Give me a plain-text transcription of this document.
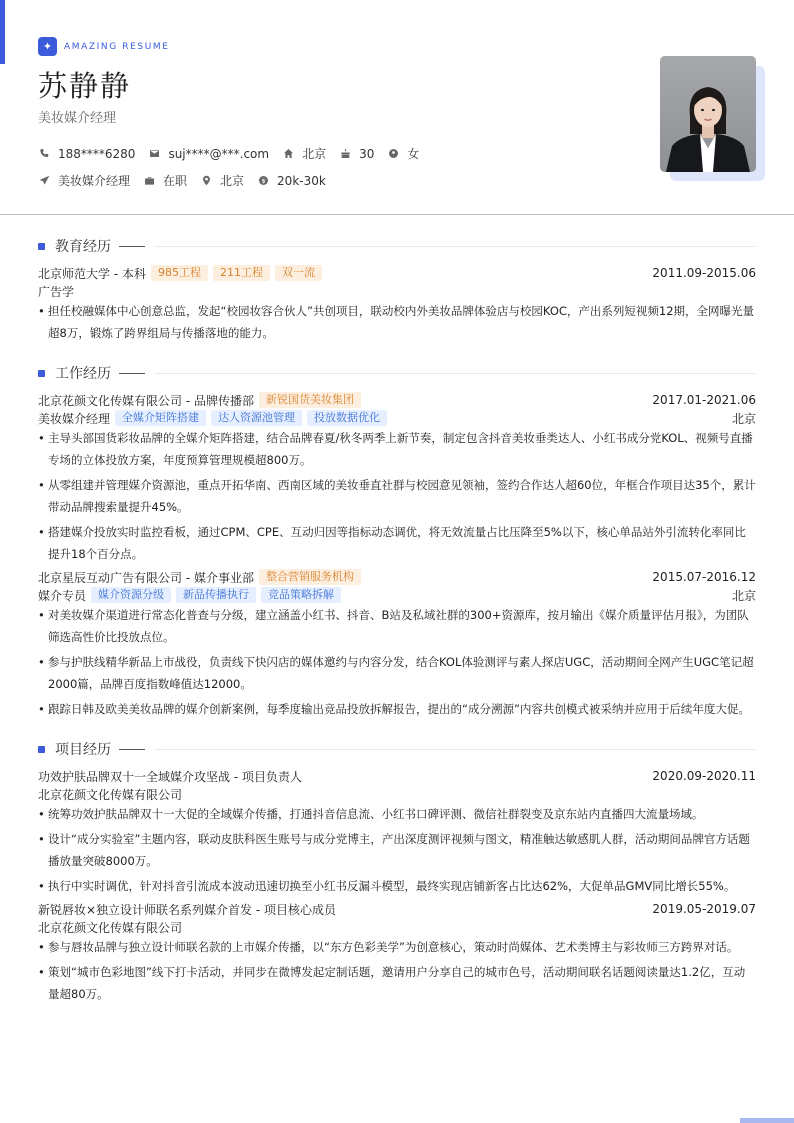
✦	AMAZING RESUME
苏静静
美妆媒介经理
188****6280	suj****@***.com	北京	30	女
美妆媒介经理	在职	北京	20k-30k
教育经历
北京师范大学 - 本科	985工程	211工程	双一流	2011.09-2015.06
广告学
• 担任校融媒体中心创意总监，发起“校园妆容合伙人”共创项目，联动校内外美妆品牌体验店与校园KOC，产出系列短视频12期，全网曝光量超8万，锻炼了跨界组局与传播落地的能力。
工作经历
北京花颜文化传媒有限公司 - 品牌传播部	新锐国货美妆集团	2017.01-2021.06
美妆媒介经理	全媒介矩阵搭建	达人资源池管理	投放数据优化	北京
• 主导头部国货彩妆品牌的全媒介矩阵搭建，结合品牌春夏/秋冬两季上新节奏，制定包含抖音美妆垂类达人、小红书成分党KOL、视频号直播专场的立体投放方案，年度预算管理规模超800万。
• 从零组建并管理媒介资源池，重点开拓华南、西南区域的美妆垂直社群与校园意见领袖，签约合作达人超60位，年框合作项目达35个，累计带动品牌搜索量提升45%。
• 搭建媒介投放实时监控看板，通过CPM、CPE、互动归因等指标动态调优，将无效流量占比压降至5%以下，核心单品站外引流转化率同比提升18个百分点。
北京星辰互动广告有限公司 - 媒介事业部	整合营销服务机构	2015.07-2016.12
媒介专员	媒介资源分级	新品传播执行	竞品策略拆解	北京
• 对美妆媒介渠道进行常态化普查与分级，建立涵盖小红书、抖音、B站及私域社群的300+资源库，按月输出《媒介质量评估月报》，为团队筛选高性价比投放点位。
• 参与护肤线精华新品上市战役，负责线下快闪店的媒体邀约与内容分发，结合KOL体验测评与素人探店UGC，活动期间全网产生UGC笔记超2000篇，品牌百度指数峰值达12000。
• 跟踪日韩及欧美美妆品牌的媒介创新案例，每季度输出竞品投放拆解报告，提出的“成分溯源”内容共创模式被采纳并应用于后续年度大促。
项目经历
功效护肤品牌双十一全域媒介攻坚战 - 项目负责人	2020.09-2020.11
北京花颜文化传媒有限公司
• 统筹功效护肤品牌双十一大促的全域媒介传播，打通抖音信息流、小红书口碑评测、微信社群裂变及京东站内直播四大流量场域。
• 设计“成分实验室”主题内容，联动皮肤科医生账号与成分党博主，产出深度测评视频与图文，精准触达敏感肌人群，活动期间品牌官方话题播放量突破8000万。
• 执行中实时调优，针对抖音引流成本波动迅速切换至小红书反漏斗模型，最终实现店铺新客占比达62%，大促单品GMV同比增长55%。
新锐唇妆×独立设计师联名系列媒介首发 - 项目核心成员	2019.05-2019.07
北京花颜文化传媒有限公司
• 参与唇妆品牌与独立设计师联名款的上市媒介传播，以“东方色彩美学”为创意核心，策动时尚媒体、艺术类博主与彩妆师三方跨界对话。
• 策划“城市色彩地图”线下打卡活动，并同步在微博发起定制话题，邀请用户分享自己的城市色号，活动期间联名话题阅读量达1.2亿，互动量超80万。
